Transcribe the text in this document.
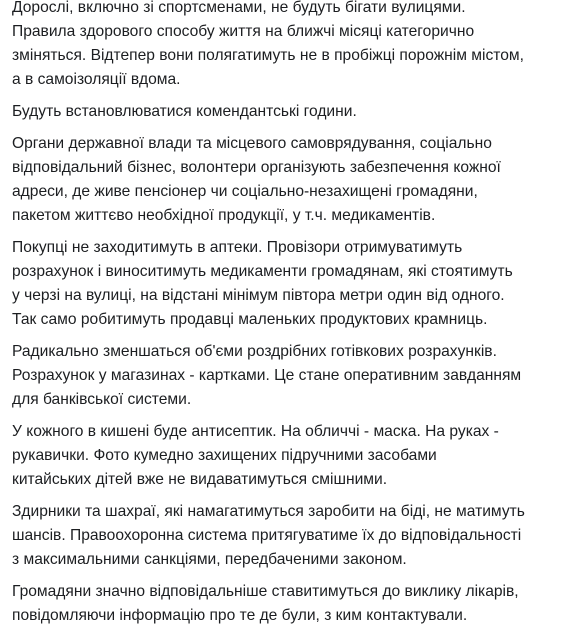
Дорослі, включно зі спортсменами, не будуть бігати вулицями.
Правила здорового способу життя на ближчі місяці категорично
зміняться. Відтепер вони полягатимуть не в пробіжці порожнім містом,
а в самоізоляції вдома.

Будуть встановлюватися комендантські години.

Органи державної влади та місцевого самоврядування, соціально
відповідальний бізнес, волонтери організують забезпечення кожної
адреси, де живе пенсіонер чи соціально-незахищені громадяни,
пакетом життєво необхідної продукції, у т.ч. медикаментів.

Покупці не заходитимуть в аптеки. Провізори отримуватимуть
розрахунок і виноситимуть медикаменти громадянам, які стоятимуть
у черзі на вулиці, на відстані мінімум півтора метри один від одного.
Так само робитимуть продавці маленьких продуктових крамниць.

Радикально зменшаться об'єми роздрібних готівкових розрахунків.
Розрахунок у магазинах - картками. Це стане оперативним завданням
для банківської системи.

У кожного в кишені буде антисептик. На обличчі - маска. На руках -
рукавички. Фото кумедно захищених підручними засобами
китайських дітей вже не видаватимуться смішними.

Здирники та шахраї, які намагатимуться заробити на біді, не матимуть
шансів. Правоохоронна система притягуватиме їх до відповідальності
з максимальними санкціями, передбаченими законом.

Громадяни значно відповідальніше ставитимуться до виклику лікарів,
повідомляючи інформацію про те де були, з ким контактували.
